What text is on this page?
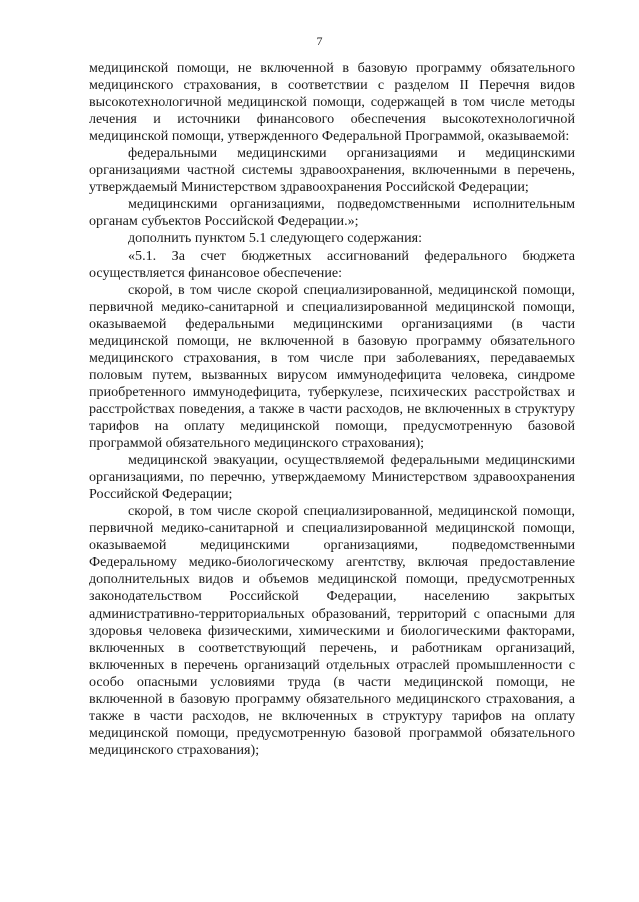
7

медицинской помощи, не включенной в базовую программу обязательного медицинского страхования, в соответствии с разделом II Перечня видов высокотехнологичной медицинской помощи, содержащей в том числе методы лечения и источники финансового обеспечения высокотехнологичной медицинской помощи, утвержденного Федеральной Программой, оказываемой:

федеральными медицинскими организациями и медицинскими организациями частной системы здравоохранения, включенными в перечень, утверждаемый Министерством здравоохранения Российской Федерации;

медицинскими организациями, подведомственными исполнительным органам субъектов Российской Федерации.»;

дополнить пунктом 5.1 следующего содержания:

«5.1. За счет бюджетных ассигнований федерального бюджета осуществляется финансовое обеспечение:

скорой, в том числе скорой специализированной, медицинской помощи, первичной медико-санитарной и специализированной медицинской помощи, оказываемой федеральными медицинскими организациями (в части медицинской помощи, не включенной в базовую программу обязательного медицинского страхования, в том числе при заболеваниях, передаваемых половым путем, вызванных вирусом иммунодефицита человека, синдроме приобретенного иммунодефицита, туберкулезе, психических расстройствах и расстройствах поведения, а также в части расходов, не включенных в структуру тарифов на оплату медицинской помощи, предусмотренную базовой программой обязательного медицинского страхования);

медицинской эвакуации, осуществляемой федеральными медицинскими организациями, по перечню, утверждаемому Министерством здравоохранения Российской Федерации;

скорой, в том числе скорой специализированной, медицинской помощи, первичной медико-санитарной и специализированной медицинской помощи, оказываемой медицинскими организациями, подведомственными Федеральному медико-биологическому агентству, включая предоставление дополнительных видов и объемов медицинской помощи, предусмотренных законодательством Российской Федерации, населению закрытых административно-территориальных образований, территорий с опасными для здоровья человека физическими, химическими и биологическими факторами, включенных в соответствующий перечень, и работникам организаций, включенных в перечень организаций отдельных отраслей промышленности с особо опасными условиями труда (в части медицинской помощи, не включенной в базовую программу обязательного медицинского страхования, а также в части расходов, не включенных в структуру тарифов на оплату медицинской помощи, предусмотренную базовой программой обязательного медицинского страхования);
